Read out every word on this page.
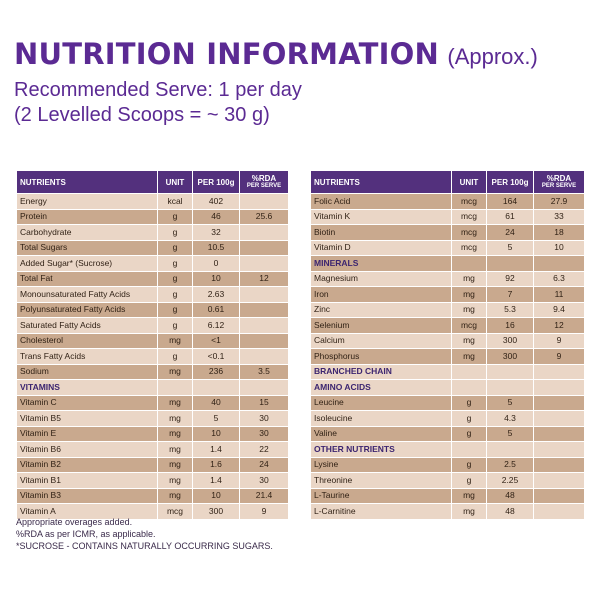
NUTRITION INFORMATION (Approx.)
Recommended Serve: 1 per day
(2 Levelled Scoops = ~ 30 g)
NUTRIENTS	UNIT	PER 100g	%RDA
PER SERVE

Energy	kcal	402	
Protein	g	46	25.6
Carbohydrate	g	32	
Total Sugars	g	10.5	
Added Sugar* (Sucrose)	g	0	
Total Fat	g	10	12
Monounsaturated Fatty Acids	g	2.63	
Polyunsaturated Fatty Acids	g	0.61	
Saturated Fatty Acids	g	6.12	
Cholesterol	mg	<1	
Trans Fatty Acids	g	<0.1	
Sodium	mg	236	3.5
VITAMINS			
Vitamin C	mg	40	15
Vitamin B5	mg	5	30
Vitamin E	mg	10	30
Vitamin B6	mg	1.4	22
Vitamin B2	mg	1.6	24
Vitamin B1	mg	1.4	30
Vitamin B3	mg	10	21.4
Vitamin A	mcg	300	9
NUTRIENTS	UNIT	PER 100g	%RDA
PER SERVE

Folic Acid	mcg	164	27.9
Vitamin K	mcg	61	33
Biotin	mcg	24	18
Vitamin D	mcg	5	10
MINERALS			
Magnesium	mg	92	6.3
Iron	mg	7	11
Zinc	mg	5.3	9.4
Selenium	mcg	16	12
Calcium	mg	300	9
Phosphorus	mg	300	9
BRANCHED CHAIN			
AMINO ACIDS			
Leucine	g	5	
Isoleucine	g	4.3	
Valine	g	5	
OTHER NUTRIENTS			
Lysine	g	2.5	
Threonine	g	2.25	
L-Taurine	mg	48	
L-Carnitine	mg	48	
Appropriate overages added.
%RDA as per ICMR, as applicable.
*SUCROSE - CONTAINS NATURALLY OCCURRING SUGARS.
